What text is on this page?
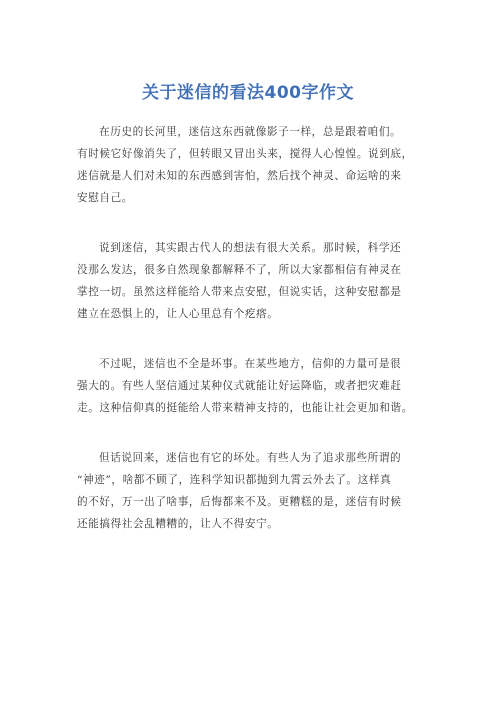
关于迷信的看法400字作文
在历史的长河里，迷信这东西就像影子一样，总是跟着咱们。
有时候它好像消失了，但转眼又冒出头来，搅得人心惶惶。说到底，
迷信就是人们对未知的东西感到害怕，然后找个神灵、命运啥的来
安慰自己。
说到迷信，其实跟古代人的想法有很大关系。那时候，科学还
没那么发达，很多自然现象都解释不了，所以大家都相信有神灵在
掌控一切。虽然这样能给人带来点安慰，但说实话，这种安慰都是
建立在恐惧上的，让人心里总有个疙瘩。
不过呢，迷信也不全是坏事。在某些地方，信仰的力量可是很
强大的。有些人坚信通过某种仪式就能让好运降临，或者把灾难赶
走。这种信仰真的挺能给人带来精神支持的，也能让社会更加和谐。
但话说回来，迷信也有它的坏处。有些人为了追求那些所谓的
“神迹”，啥都不顾了，连科学知识都抛到九霄云外去了。这样真
的不好，万一出了啥事，后悔都来不及。更糟糕的是，迷信有时候
还能搞得社会乱糟糟的，让人不得安宁。
